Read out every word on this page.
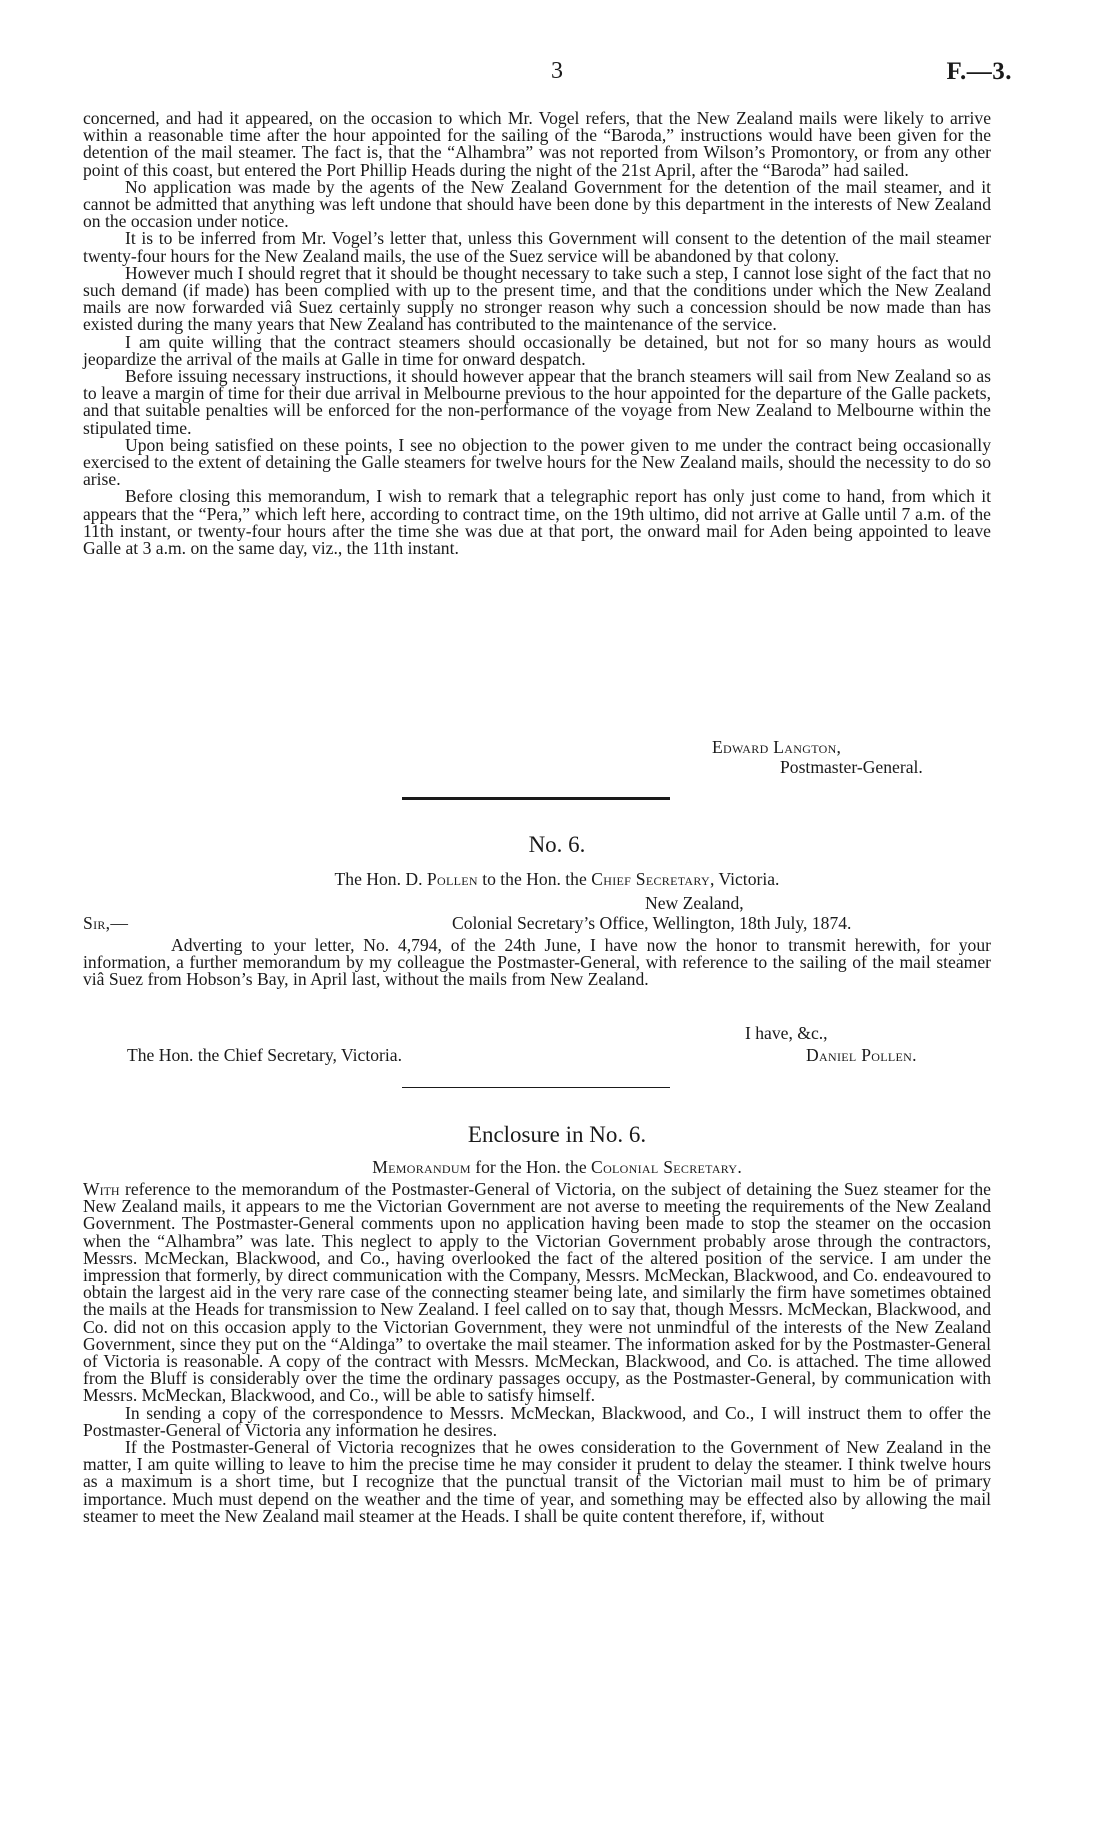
3	F.—3.

concerned, and had it appeared, on the occasion to which Mr. Vogel refers, that the New Zealand mails were likely to arrive within a reasonable time after the hour appointed for the sailing of the “Baroda,” instructions would have been given for the detention of the mail steamer. The fact is, that the “Alhambra” was not reported from Wilson’s Promontory, or from any other point of this coast, but entered the Port Phillip Heads during the night of the 21st April, after the “Baroda” had sailed.

No application was made by the agents of the New Zealand Government for the detention of the mail steamer, and it cannot be admitted that anything was left undone that should have been done by this department in the interests of New Zealand on the occasion under notice.

It is to be inferred from Mr. Vogel’s letter that, unless this Government will consent to the detention of the mail steamer twenty-four hours for the New Zealand mails, the use of the Suez service will be abandoned by that colony.

However much I should regret that it should be thought necessary to take such a step, I cannot lose sight of the fact that no such demand (if made) has been complied with up to the present time, and that the conditions under which the New Zealand mails are now forwarded viâ Suez certainly supply no stronger reason why such a concession should be now made than has existed during the many years that New Zealand has contributed to the maintenance of the service.

I am quite willing that the contract steamers should occasionally be detained, but not for so many hours as would jeopardize the arrival of the mails at Galle in time for onward despatch.

Before issuing necessary instructions, it should however appear that the branch steamers will sail from New Zealand so as to leave a margin of time for their due arrival in Melbourne previous to the hour appointed for the departure of the Galle packets, and that suitable penalties will be enforced for the non-performance of the voyage from New Zealand to Melbourne within the stipulated time.

Upon being satisfied on these points, I see no objection to the power given to me under the contract being occasionally exercised to the extent of detaining the Galle steamers for twelve hours for the New Zealand mails, should the necessity to do so arise.

Before closing this memorandum, I wish to remark that a telegraphic report has only just come to hand, from which it appears that the “Pera,” which left here, according to contract time, on the 19th ultimo, did not arrive at Galle until 7 a.m. of the 11th instant, or twenty-four hours after the time she was due at that port, the onward mail for Aden being appointed to leave Galle at 3 a.m. on the same day, viz., the 11th instant.

Edward Langton,
Postmaster-General.
No. 6.
The Hon. D. Pollen to the Hon. the Chief Secretary, Victoria.
New Zealand,
Sir,—	Colonial Secretary’s Office, Wellington, 18th July, 1874.

Adverting to your letter, No. 4,794, of the 24th June, I have now the honor to transmit herewith, for your information, a further memorandum by my colleague the Postmaster-General, with reference to the sailing of the mail steamer viâ Suez from Hobson’s Bay, in April last, without the mails from New Zealand.

I have, &c.,
The Hon. the Chief Secretary, Victoria.	Daniel Pollen.
Enclosure in No. 6.
Memorandum for the Hon. the Colonial Secretary.

With reference to the memorandum of the Postmaster-General of Victoria, on the subject of detaining the Suez steamer for the New Zealand mails, it appears to me the Victorian Government are not averse to meeting the requirements of the New Zealand Government. The Postmaster-General comments upon no application having been made to stop the steamer on the occasion when the “Alhambra” was late. This neglect to apply to the Victorian Government probably arose through the contractors, Messrs. McMeckan, Blackwood, and Co., having overlooked the fact of the altered position of the service. I am under the impression that formerly, by direct communication with the Company, Messrs. McMeckan, Blackwood, and Co. endeavoured to obtain the largest aid in the very rare case of the connecting steamer being late, and similarly the firm have sometimes obtained the mails at the Heads for transmission to New Zealand. I feel called on to say that, though Messrs. McMeckan, Blackwood, and Co. did not on this occasion apply to the Victorian Government, they were not unmindful of the interests of the New Zealand Government, since they put on the “Aldinga” to overtake the mail steamer. The information asked for by the Postmaster-General of Victoria is reasonable. A copy of the contract with Messrs. McMeckan, Blackwood, and Co. is attached. The time allowed from the Bluff is considerably over the time the ordinary passages occupy, as the Postmaster-General, by communication with Messrs. McMeckan, Blackwood, and Co., will be able to satisfy himself.

In sending a copy of the correspondence to Messrs. McMeckan, Blackwood, and Co., I will instruct them to offer the Postmaster-General of Victoria any information he desires.

If the Postmaster-General of Victoria recognizes that he owes consideration to the Government of New Zealand in the matter, I am quite willing to leave to him the precise time he may consider it prudent to delay the steamer. I think twelve hours as a maximum is a short time, but I recognize that the punctual transit of the Victorian mail must to him be of primary importance. Much must depend on the weather and the time of year, and something may be effected also by allowing the mail steamer to meet the New Zealand mail steamer at the Heads. I shall be quite content therefore, if, without
